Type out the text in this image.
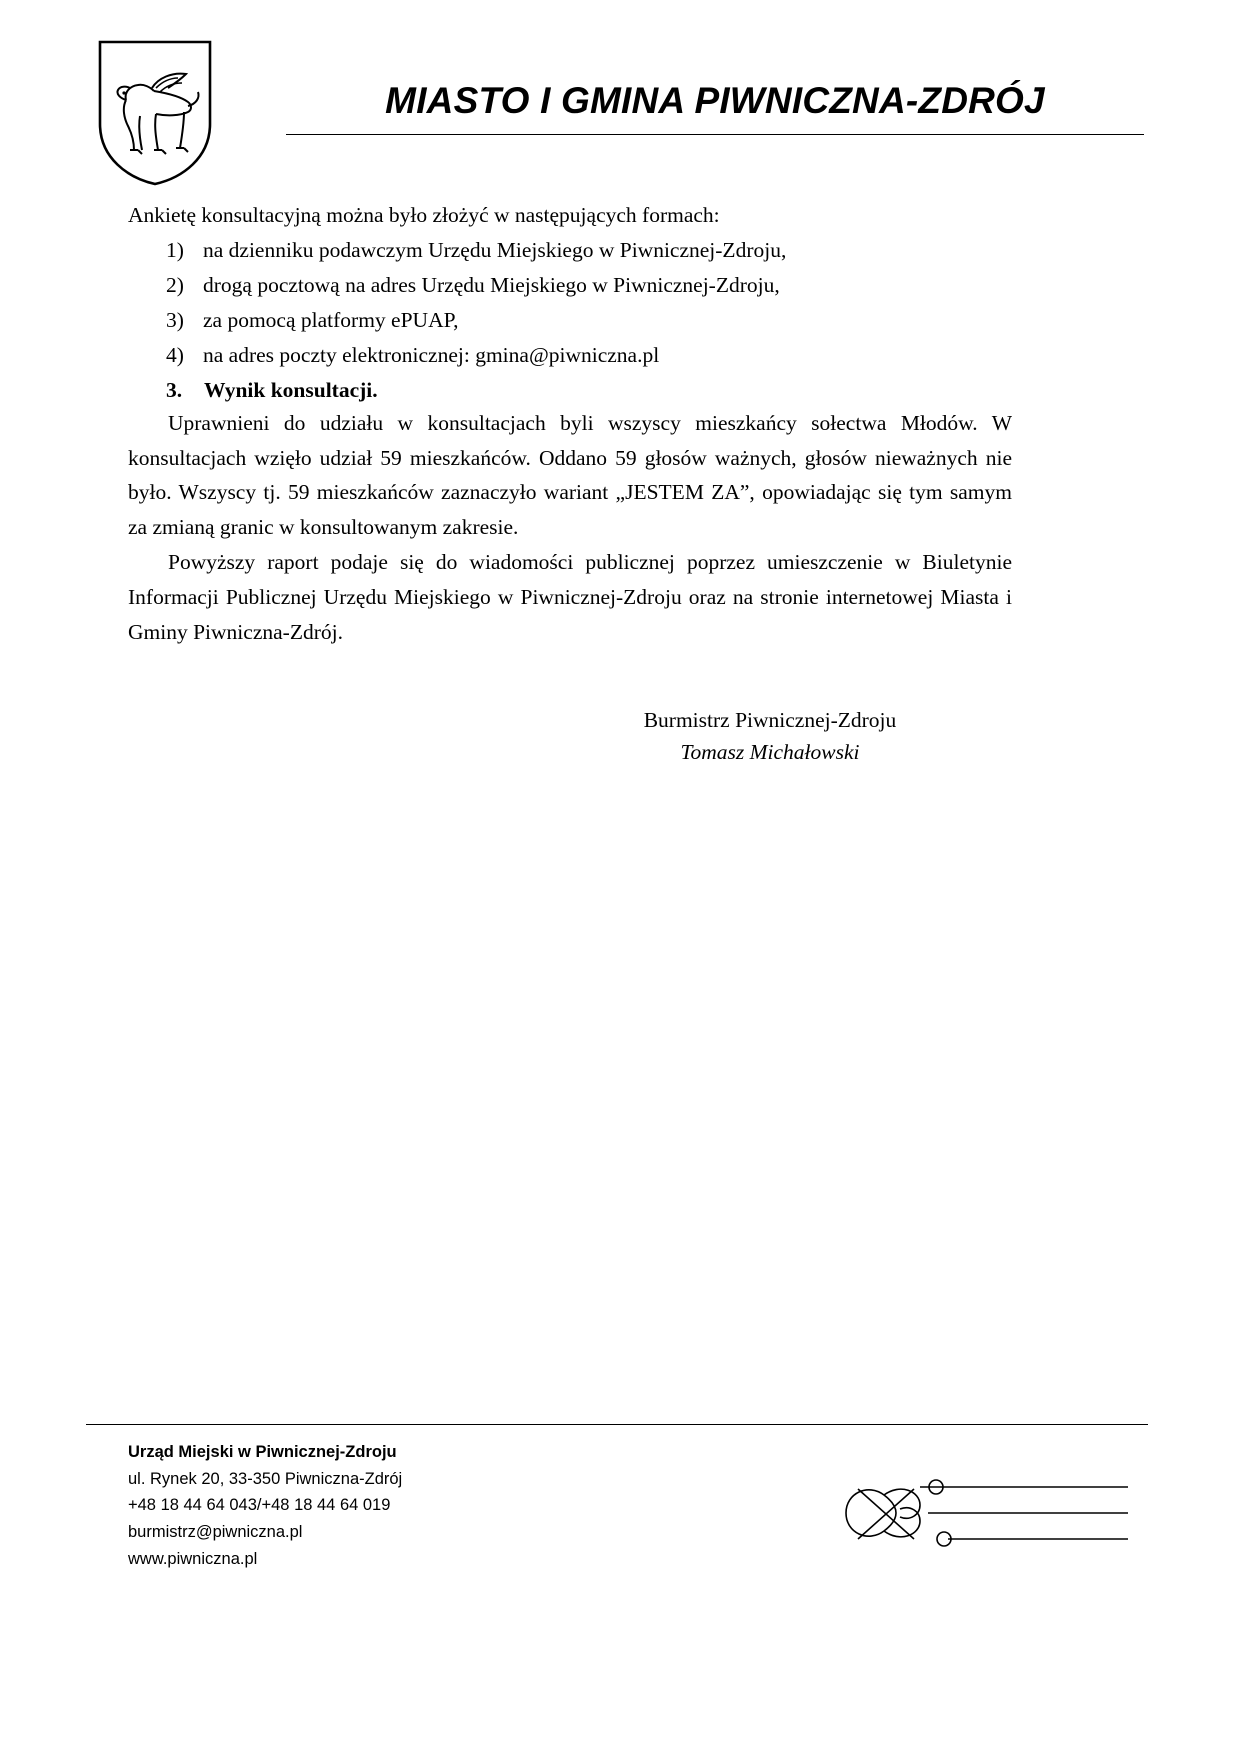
MIASTO I GMINA PIWNICZNA-ZDRÓJ

Ankietę konsultacyjną można było złożyć w następujących formach:

1) na dzienniku podawczym Urzędu Miejskiego w Piwnicznej-Zdroju,
2) drogą pocztową na adres Urzędu Miejskiego w Piwnicznej-Zdroju,
3) za pomocą platformy ePUAP,
4) na adres poczty elektronicznej: gmina@piwniczna.pl

3. Wynik konsultacji.

Uprawnieni do udziału w konsultacjach byli wszyscy mieszkańcy sołectwa Młodów. W konsultacjach wzięło udział 59 mieszkańców. Oddano 59 głosów ważnych, głosów nieważnych nie było. Wszyscy tj. 59 mieszkańców zaznaczyło wariant „JESTEM ZA”, opowiadając się tym samym za zmianą granic w konsultowanym zakresie.

Powyższy raport podaje się do wiadomości publicznej poprzez umieszczenie w Biuletynie Informacji Publicznej Urzędu Miejskiego w Piwnicznej-Zdroju oraz na stronie internetowej Miasta i Gminy Piwniczna-Zdrój.

Burmistrz Piwnicznej-Zdroju
Tomasz Michałowski
Urząd Miejski w Piwnicznej-Zdroju
ul. Rynek 20, 33-350 Piwniczna-Zdrój
+48 18 44 64 043/+48 18 44 64 019
burmistrz@piwniczna.pl
www.piwniczna.pl
